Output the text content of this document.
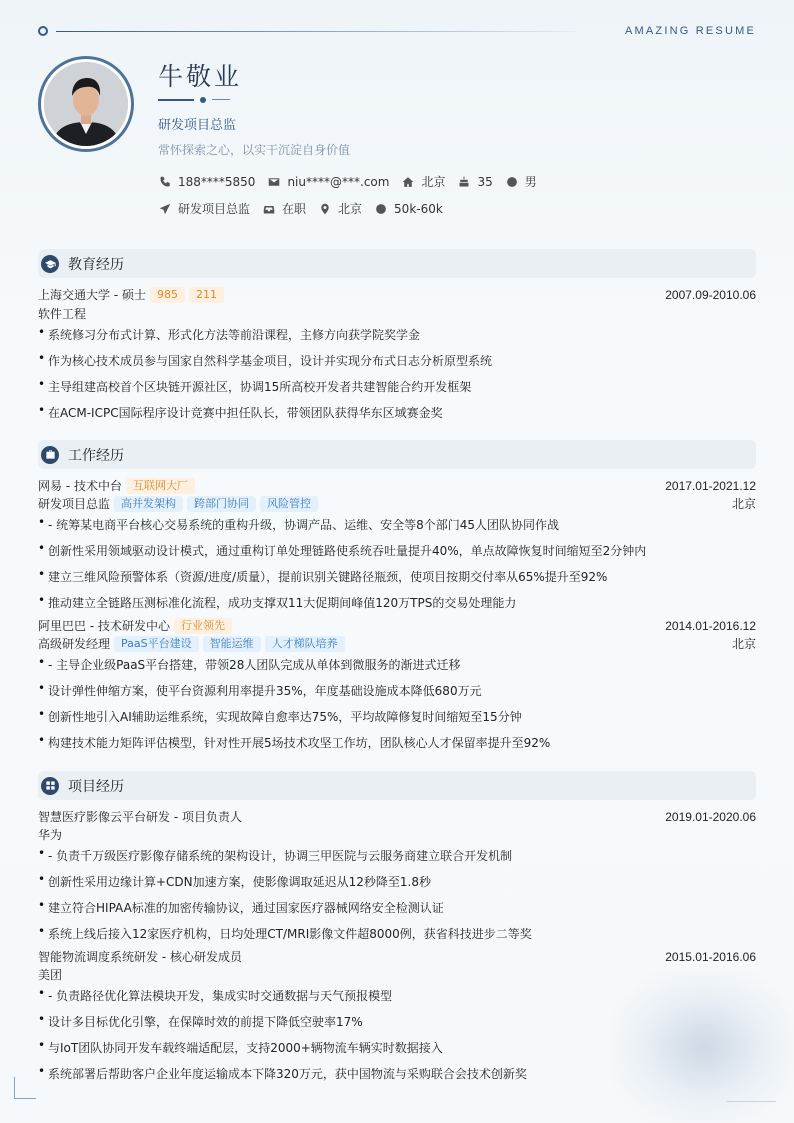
AMAZING RESUME
牛敬业
研发项目总监
常怀探索之心，以实干沉淀自身价值
188****5850	niu****@***.com	北京	35	男
研发项目总监	在职	北京	50k-60k
教育经历
上海交通大学 - 硕士	985	211	2007.09-2010.06
软件工程
• 系统修习分布式计算、形式化方法等前沿课程，主修方向获学院奖学金
• 作为核心技术成员参与国家自然科学基金项目，设计并实现分布式日志分析原型系统
• 主导组建高校首个区块链开源社区，协调15所高校开发者共建智能合约开发框架
• 在ACM-ICPC国际程序设计竞赛中担任队长，带领团队获得华东区域赛金奖
工作经历
网易 - 技术中台	互联网大厂	2017.01-2021.12
研发项目总监	高并发架构	跨部门协同	风险管控	北京
• - 统筹某电商平台核心交易系统的重构升级，协调产品、运维、安全等8个部门45人团队协同作战
• 创新性采用领域驱动设计模式，通过重构订单处理链路使系统吞吐量提升40%，单点故障恢复时间缩短至2分钟内
• 建立三维风险预警体系（资源/进度/质量），提前识别关键路径瓶颈，使项目按期交付率从65%提升至92%
• 推动建立全链路压测标准化流程，成功支撑双11大促期间峰值120万TPS的交易处理能力
阿里巴巴 - 技术研发中心	行业领先	2014.01-2016.12
高级研发经理	PaaS平台建设	智能运维	人才梯队培养	北京
• - 主导企业级PaaS平台搭建，带领28人团队完成从单体到微服务的渐进式迁移
• 设计弹性伸缩方案，使平台资源利用率提升35%，年度基础设施成本降低680万元
• 创新性地引入AI辅助运维系统，实现故障自愈率达75%，平均故障修复时间缩短至15分钟
• 构建技术能力矩阵评估模型，针对性开展5场技术攻坚工作坊，团队核心人才保留率提升至92%
项目经历
智慧医疗影像云平台研发 - 项目负责人	2019.01-2020.06
华为
• - 负责千万级医疗影像存储系统的架构设计，协调三甲医院与云服务商建立联合开发机制
• 创新性采用边缘计算+CDN加速方案，使影像调取延迟从12秒降至1.8秒
• 建立符合HIPAA标准的加密传输协议，通过国家医疗器械网络安全检测认证
• 系统上线后接入12家医疗机构，日均处理CT/MRI影像文件超8000例，获省科技进步二等奖
智能物流调度系统研发 - 核心研发成员	2015.01-2016.06
美团
• - 负责路径优化算法模块开发，集成实时交通数据与天气预报模型
• 设计多目标优化引擎，在保障时效的前提下降低空驶率17%
• 与IoT团队协同开发车载终端适配层，支持2000+辆物流车辆实时数据接入
• 系统部署后帮助客户企业年度运输成本下降320万元，获中国物流与采购联合会技术创新奖
